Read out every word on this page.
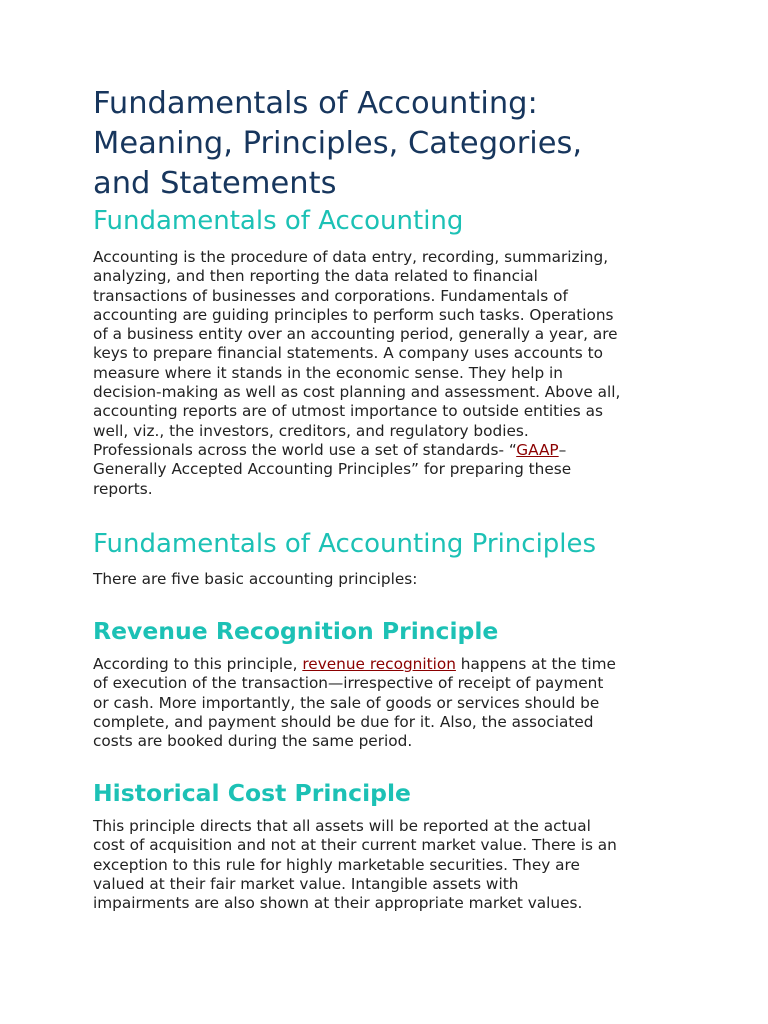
Fundamentals of Accounting:
Meaning, Principles, Categories,
and Statements
Fundamentals of Accounting

Accounting is the procedure of data entry, recording, summarizing,
analyzing, and then reporting the data related to financial
transactions of businesses and corporations. Fundamentals of
accounting are guiding principles to perform such tasks. Operations
of a business entity over an accounting period, generally a year, are
keys to prepare financial statements. A company uses accounts to
measure where it stands in the economic sense. They help in
decision-making as well as cost planning and assessment. Above all,
accounting reports are of utmost importance to outside entities as
well, viz., the investors, creditors, and regulatory bodies.
Professionals across the world use a set of standards- “GAAP–
Generally Accepted Accounting Principles” for preparing these
reports.

Fundamentals of Accounting Principles

There are five basic accounting principles:

Revenue Recognition Principle

According to this principle, revenue recognition happens at the time
of execution of the transaction—irrespective of receipt of payment
or cash. More importantly, the sale of goods or services should be
complete, and payment should be due for it. Also, the associated
costs are booked during the same period.

Historical Cost Principle

This principle directs that all assets will be reported at the actual
cost of acquisition and not at their current market value. There is an
exception to this rule for highly marketable securities. They are
valued at their fair market value. Intangible assets with
impairments are also shown at their appropriate market values.
